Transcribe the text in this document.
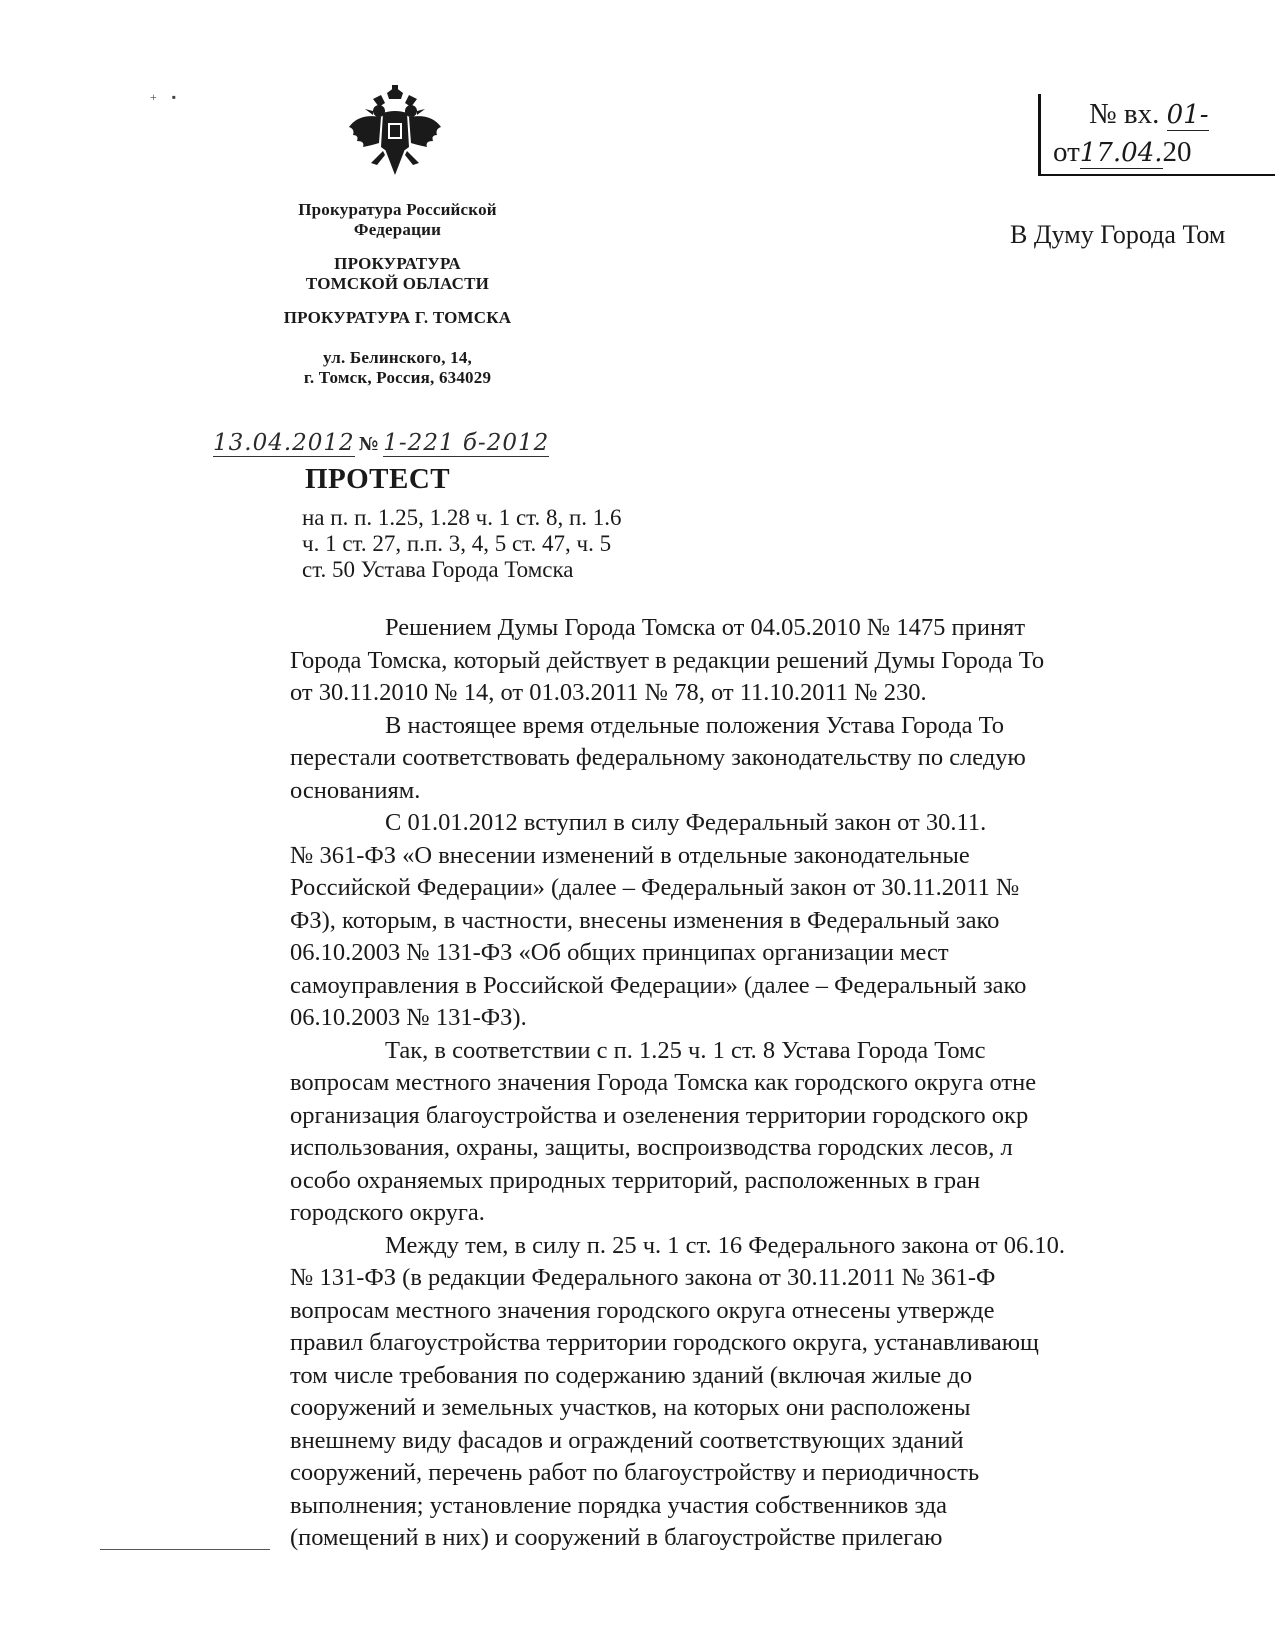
+     ▪
Прокуратура Российской
Федерации
ПРОКУРАТУРА
ТОМСКОЙ ОБЛАСТИ
ПРОКУРАТУРА Г. ТОМСКА
ул. Белинского, 14,
г. Томск, Россия, 634029
13.04.2012 № 1-221 б-2012
№ вх. 01-
от17.04.20
В Думу Города Том
ПРОТЕСТ
на п. п. 1.25, 1.28 ч. 1 ст. 8, п. 1.6
ч. 1 ст. 27, п.п. 3, 4, 5 ст. 47, ч. 5
ст. 50 Устава Города Томска
Решением Думы Города Томска от 04.05.2010 № 1475 принят
Города Томска, который действует в редакции решений Думы Города То
от 30.11.2010 № 14, от 01.03.2011 № 78, от 11.10.2011 № 230.
В настоящее время отдельные положения Устава Города То
перестали соответствовать федеральному законодательству по следую
основаниям.
С 01.01.2012 вступил в силу Федеральный закон от 30.11.
№ 361-ФЗ «О внесении изменений в отдельные законодательные
Российской Федерации» (далее – Федеральный закон от 30.11.2011 №
ФЗ), которым, в частности, внесены изменения в Федеральный зако
06.10.2003 № 131-ФЗ «Об общих принципах организации мест
самоуправления в Российской Федерации» (далее – Федеральный зако
06.10.2003 № 131-ФЗ).
Так, в соответствии с п. 1.25 ч. 1 ст. 8 Устава Города Томс
вопросам местного значения Города Томска как городского округа отне
организация благоустройства и озеленения территории городского окр
использования, охраны, защиты, воспроизводства городских лесов, л
особо охраняемых природных территорий, расположенных в гран
городского округа.
Между тем, в силу п. 25 ч. 1 ст. 16 Федерального закона от 06.10.
№ 131-ФЗ (в редакции Федерального закона от 30.11.2011 № 361-Ф
вопросам местного значения городского округа отнесены утвержде
правил благоустройства территории городского округа, устанавливающ
том числе требования по содержанию зданий (включая жилые до
сооружений и земельных участков, на которых они расположены
внешнему виду фасадов и ограждений соответствующих зданий
сооружений, перечень работ по благоустройству и периодичность
выполнения; установление порядка участия собственников зда
(помещений в них) и сооружений в благоустройстве прилегаю
